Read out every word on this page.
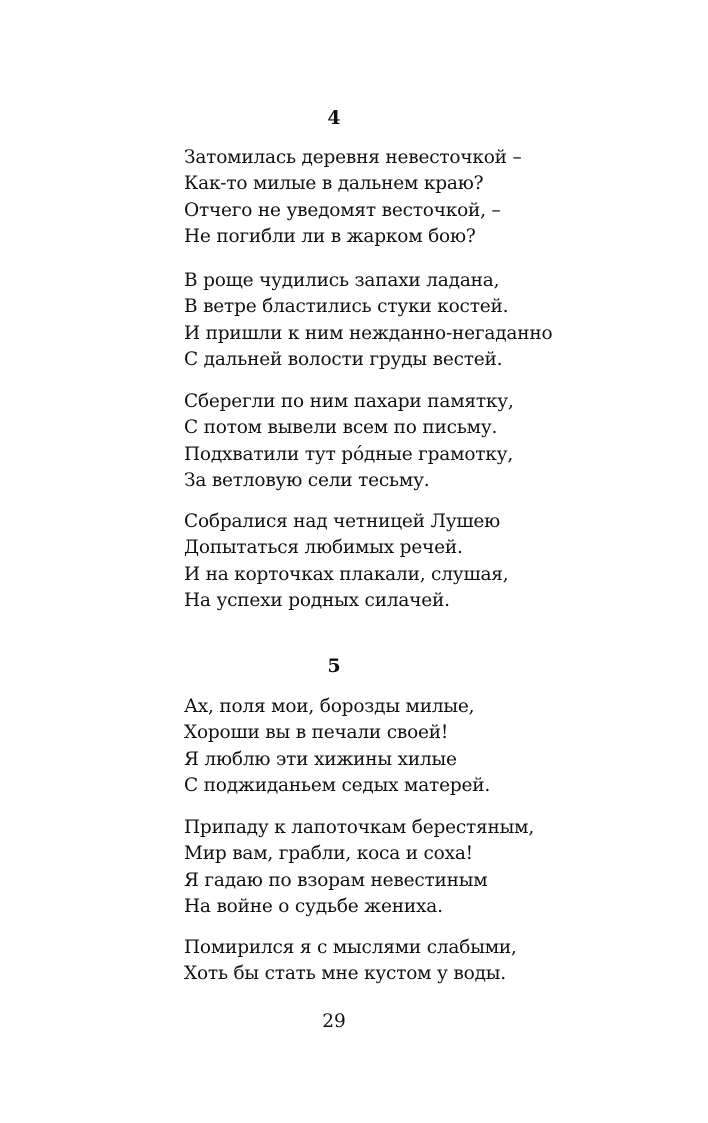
4
Затомилась деревня невесточкой –
Как-то милые в дальнем краю?
Отчего не уведомят весточкой, –
Не погибли ли в жарком бою?
В роще чудились запахи ладана,
В ветре бластились стуки костей.
И пришли к ним нежданно-негаданно
С дальней волости груды вестей.
Сберегли по ним пахари памятку,
С потом вывели всем по письму.
Подхватили тут ро́дные грамотку,
За ветловую сели тесьму.
Собралися над четницей Лушею
Допытаться любимых речей.
И на корточках плакали, слушая,
На успехи родных силачей.
5
Ах, поля мои, борозды милые,
Хороши вы в печали своей!
Я люблю эти хижины хилые
С поджиданьем седых матерей.
Припаду к лапоточкам берестяным,
Мир вам, грабли, коса и соха!
Я гадаю по взорам невестиным
На войне о судьбе жениха.
Помирился я с мыслями слабыми,
Хоть бы стать мне кустом у воды.
29
